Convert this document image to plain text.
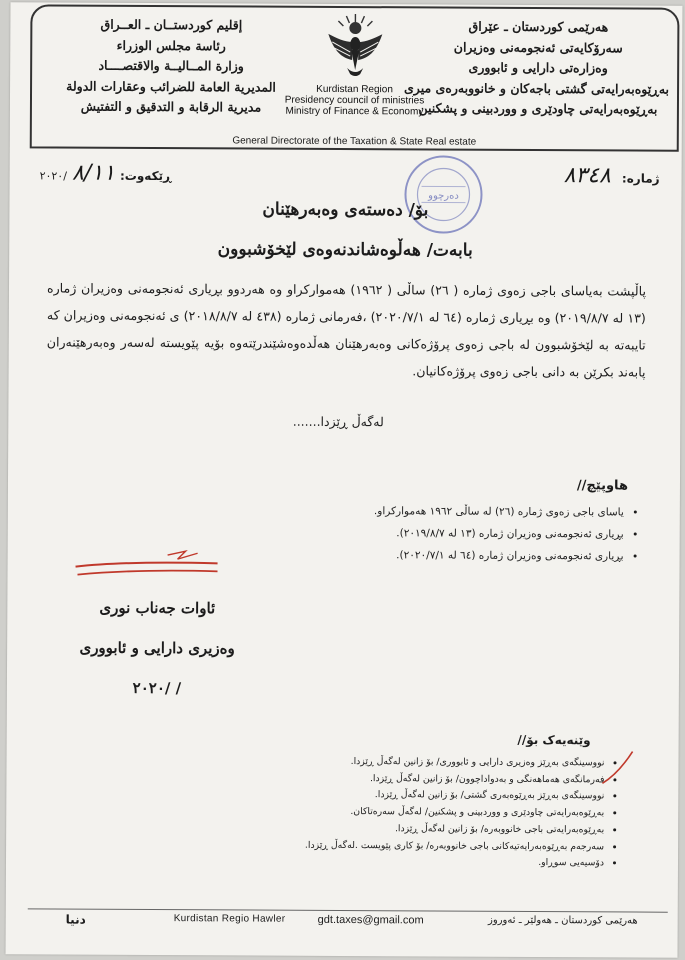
هەرێمی کوردستان ـ عێراق
سەرۆکایەتی ئەنجومەنی وەزیران
وەزارەتی دارایی و ئابووری
بەڕێوەبەرایەتی گشتی باجەکان و خانووبەرەی میری
بەڕێوەبەرایەتی چاودێری و ووردبینی و پشکنین
Kurdistan Region
Presidency council of ministries
Ministry of Finance & Economy
إقليم كوردستــان ـ العــراق
رئاسة مجلس الوزراء
وزارة المــاليــة والاقتصــــاد
المديرية العامة للضرائب وعقارات الدولة
مديرية الرقابة و التدقيق و التفتيش
General Directorate of the Taxation & State Real estate
ژمارە: ٨٣٤٨
ڕێکەوت: ٨/١١ /٢٠٢٠
دەرچوو
بۆ/ دەستەی وەبەرهێنان
بابەت/ هەڵوەشاندنەوەی لێخۆشبوون
پاڵپشت بەیاسای باجی زەوی ژمارە ( ٢٦) ساڵی ( ١٩٦٢) هەموارکراو وە هەردوو بڕیاری ئەنجومەنی وەزیران ژمارە (١٣ لە ٢٠١٩/٨/٧) وە بڕیاری ژمارە (٦٤ لە ٢٠٢٠/٧/١) ،فەرمانی ژمارە (٤٣٨ لە ٢٠١٨/٨/٧) ی ئەنجومەنی وەزیران کە تایبەتە بە لێخۆشبوون لە باجی زەوی پرۆژەکانی وەبەرهێنان هەڵدەوەشێندرێتەوە بۆیە پێویستە لەسەر وەبەرهێنەران پابەند بکرێن بە دانی باجی زەوی پرۆژەکانیان.
لەگەڵ ڕێزدا.......
هاوپێچ//
• یاسای باجی زەوی ژمارە (٢٦) لە ساڵی ١٩٦٢ هەموارکراو.
• بڕیاری ئەنجومەنی وەزیران ژمارە (١٣ لە ٢٠١٩/٨/٧).
• بڕیاری ئەنجومەنی وەزیران ژمارە (٦٤ لە ٢٠٢٠/٧/١).
ئاوات جەناب نوری
وەزیری دارایی و ئابووری
٢٠٢٠/ /
وێنەیەک بۆ//
• نووسینگەی بەڕێز وەزیری دارایی و ئابووری/ بۆ زانین لەگەڵ ڕێزدا.
• فەرمانگەی هەماهەنگی و بەدواداچوون/ بۆ زانین لەگەڵ ڕێزدا.
• نووسینگەی بەڕێز بەڕێوەبەری گشتی/ بۆ زانین لەگەڵ ڕێزدا.
• بەڕێوەبەرایەتی چاودێری و ووردبینی و پشکنین/ لەگەڵ سەرەتاکان.
• بەڕێوەبەرایەتی باجی خانووبەرە/ بۆ زانین لەگەڵ ڕێزدا.
• سەرجەم بەڕێوەبەرایەتیەکانی باجی خانووبەرە/ بۆ کاری پێویست .لەگەڵ ڕێزدا.
• دۆسیەیی سوڕاو.
هەرێمی کوردستان ـ هەولێر ـ ئەوروز
gdt.taxes@gmail.com
Kurdistan Regio Hawler
دنیا
